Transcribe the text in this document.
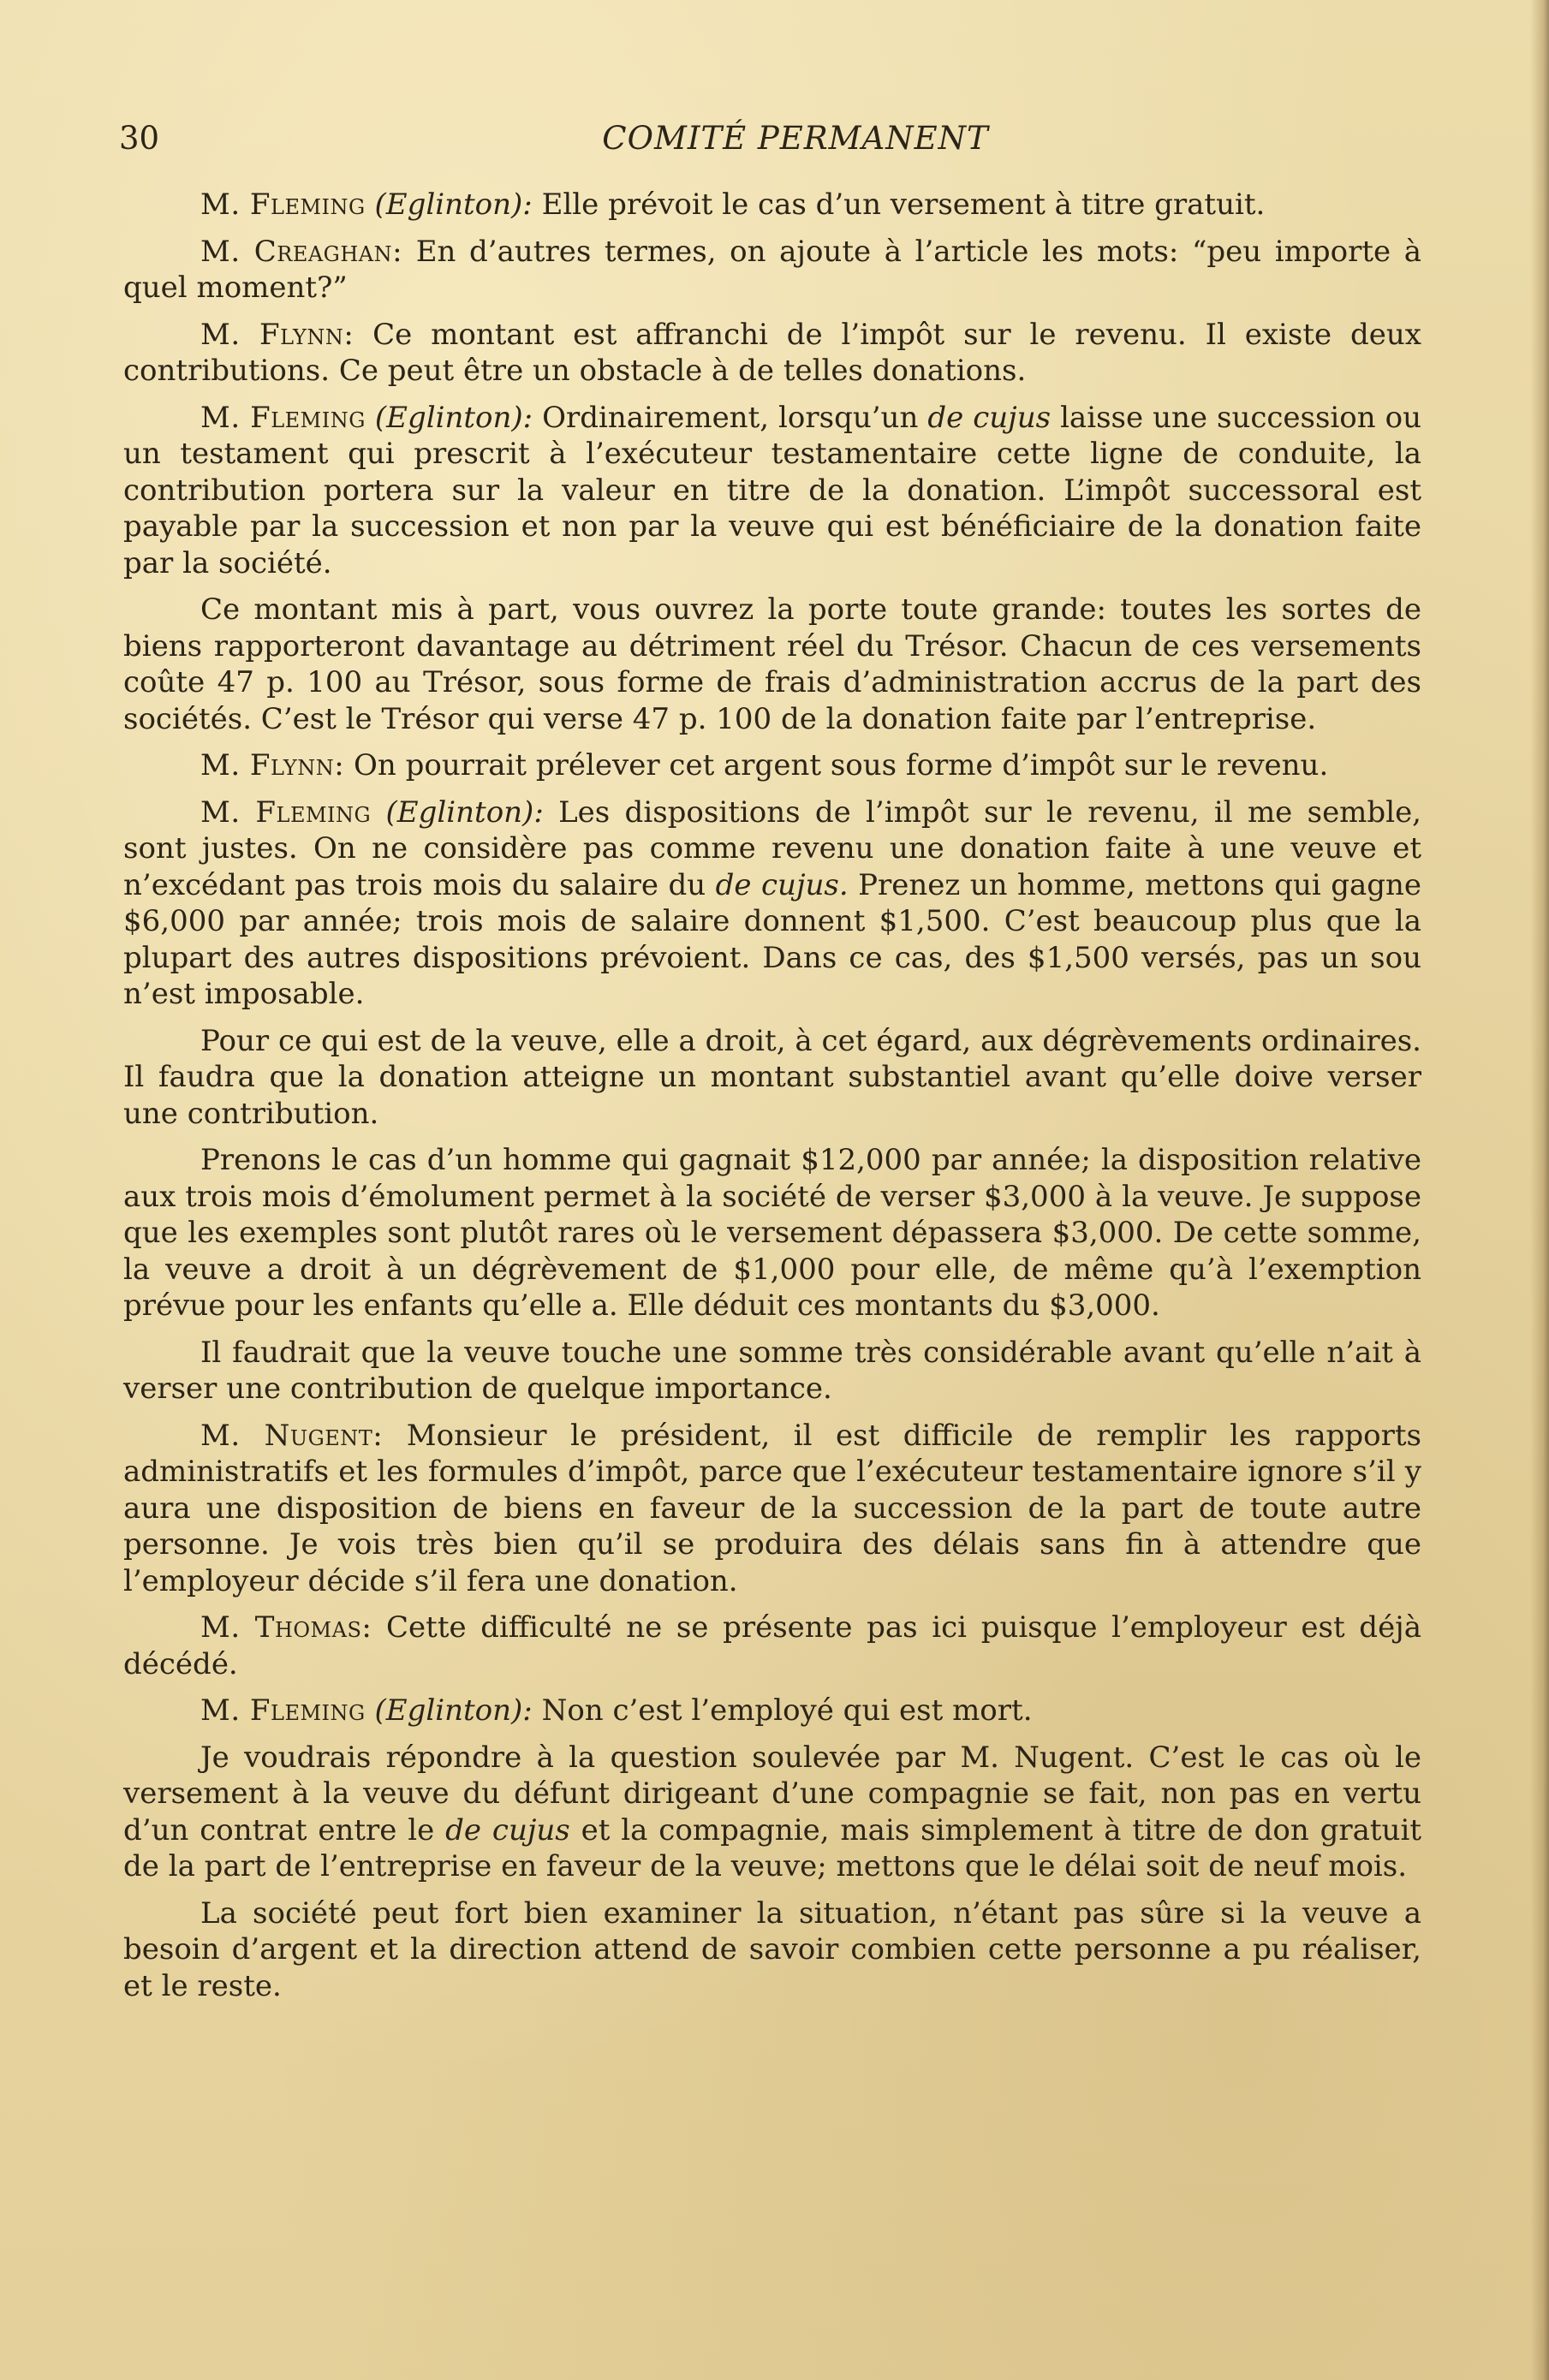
30	COMITÉ PERMANENT

M. Fleming (Eglinton): Elle prévoit le cas d’un versement à titre gratuit.

M. Creaghan: En d’autres termes, on ajoute à l’article les mots: “peu importe à quel moment?”

M. Flynn: Ce montant est affranchi de l’impôt sur le revenu. Il existe deux contributions. Ce peut être un obstacle à de telles donations.

M. Fleming (Eglinton): Ordinairement, lorsqu’un de cujus laisse une succession ou un testament qui prescrit à l’exécuteur testamentaire cette ligne de conduite, la contribution portera sur la valeur en titre de la donation. L’impôt successoral est payable par la succession et non par la veuve qui est bénéficiaire de la donation faite par la société.

Ce montant mis à part, vous ouvrez la porte toute grande: toutes les sortes de biens rapporteront davantage au détriment réel du Trésor. Chacun de ces versements coûte 47 p. 100 au Trésor, sous forme de frais d’administration accrus de la part des sociétés. C’est le Trésor qui verse 47 p. 100 de la donation faite par l’entreprise.

M. Flynn: On pourrait prélever cet argent sous forme d’impôt sur le revenu.

M. Fleming (Eglinton): Les dispositions de l’impôt sur le revenu, il me semble, sont justes. On ne considère pas comme revenu une donation faite à une veuve et n’excédant pas trois mois du salaire du de cujus. Prenez un homme, mettons qui gagne $6,000 par année; trois mois de salaire donnent $1,500. C’est beaucoup plus que la plupart des autres dispositions prévoient. Dans ce cas, des $1,500 versés, pas un sou n’est imposable.

Pour ce qui est de la veuve, elle a droit, à cet égard, aux dégrèvements ordinaires. Il faudra que la donation atteigne un montant substantiel avant qu’elle doive verser une contribution.

Prenons le cas d’un homme qui gagnait $12,000 par année; la disposition relative aux trois mois d’émolument permet à la société de verser $3,000 à la veuve. Je suppose que les exemples sont plutôt rares où le versement dépassera $3,000. De cette somme, la veuve a droit à un dégrèvement de $1,000 pour elle, de même qu’à l’exemption prévue pour les enfants qu’elle a. Elle déduit ces montants du $3,000.

Il faudrait que la veuve touche une somme très considérable avant qu’elle n’ait à verser une contribution de quelque importance.

M. Nugent: Monsieur le président, il est difficile de remplir les rapports administratifs et les formules d’impôt, parce que l’exécuteur testamentaire ignore s’il y aura une disposition de biens en faveur de la succession de la part de toute autre personne. Je vois très bien qu’il se produira des délais sans fin à attendre que l’employeur décide s’il fera une donation.

M. Thomas: Cette difficulté ne se présente pas ici puisque l’employeur est déjà décédé.

M. Fleming (Eglinton): Non c’est l’employé qui est mort.

Je voudrais répondre à la question soulevée par M. Nugent. C’est le cas où le versement à la veuve du défunt dirigeant d’une compagnie se fait, non pas en vertu d’un contrat entre le de cujus et la compagnie, mais simplement à titre de don gratuit de la part de l’entreprise en faveur de la veuve; mettons que le délai soit de neuf mois.

La société peut fort bien examiner la situation, n’étant pas sûre si la veuve a besoin d’argent et la direction attend de savoir combien cette personne a pu réaliser, et le reste.
